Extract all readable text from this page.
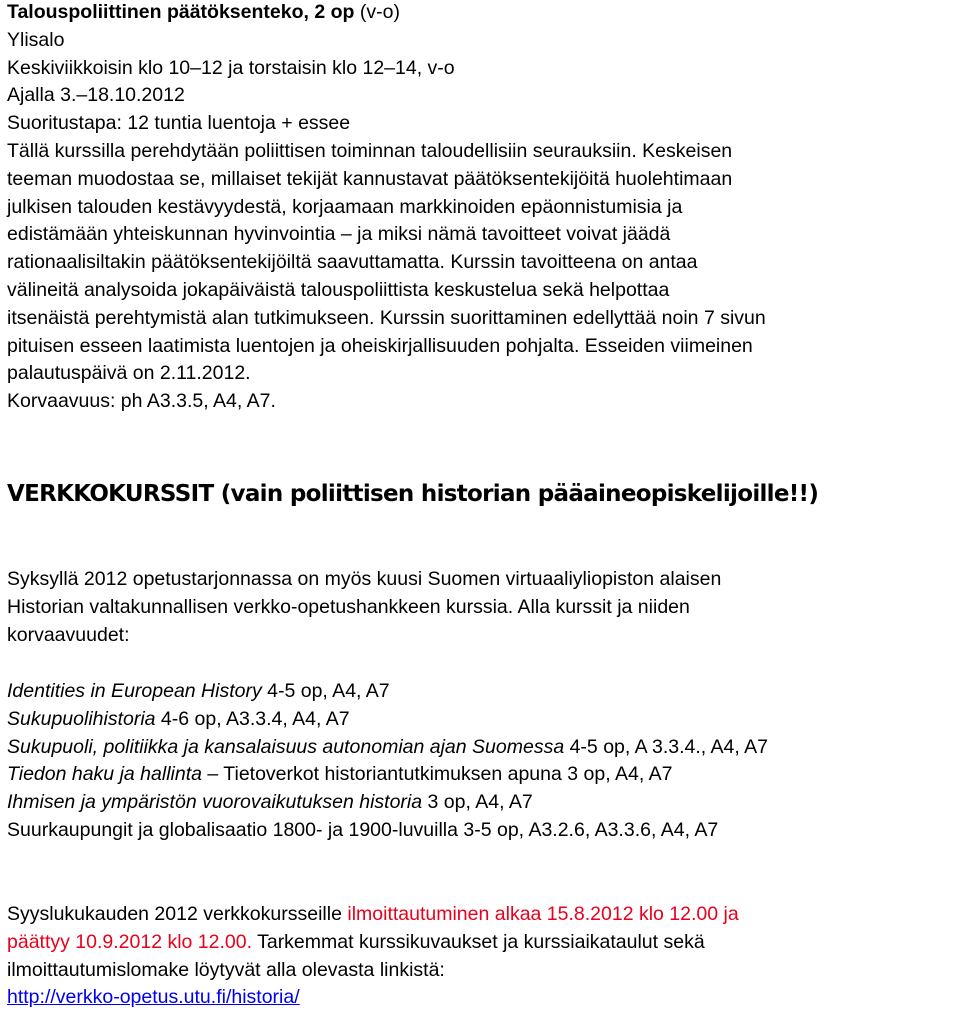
Talouspoliittinen päätöksenteko, 2 op (v-o)

Ylisalo

Keskiviikkoisin klo 10–12 ja torstaisin klo 12–14, v-o

Ajalla 3.–18.10.2012

Suoritustapa: 12 tuntia luentoja + essee

Tällä kurssilla perehdytään poliittisen toiminnan taloudellisiin seurauksiin. Keskeisen

teeman muodostaa se, millaiset tekijät kannustavat päätöksentekijöitä huolehtimaan

julkisen talouden kestävyydestä, korjaamaan markkinoiden epäonnistumisia ja

edistämään yhteiskunnan hyvinvointia – ja miksi nämä tavoitteet voivat jäädä

rationaalisiltakin päätöksentekijöiltä saavuttamatta. Kurssin tavoitteena on antaa

välineitä analysoida jokapäiväistä talouspoliittista keskustelua sekä helpottaa

itsenäistä perehtymistä alan tutkimukseen. Kurssin suorittaminen edellyttää noin 7 sivun

pituisen esseen laatimista luentojen ja oheiskirjallisuuden pohjalta. Esseiden viimeinen

palautuspäivä on 2.11.2012.

Korvaavuus: ph A3.3.5, A4, A7.

VERKKOKURSSIT (vain poliittisen historian pääaineopiskelijoille!!)

Syksyllä 2012 opetustarjonnassa on myös kuusi Suomen virtuaaliyliopiston alaisen

Historian valtakunnallisen verkko-opetushankkeen kurssia. Alla kurssit ja niiden

korvaavuudet:

Identities in European History 4-5 op, A4, A7

Sukupuolihistoria 4-6 op, A3.3.4, A4, A7

Sukupuoli, politiikka ja kansalaisuus autonomian ajan Suomessa 4-5 op, A 3.3.4., A4, A7

Tiedon haku ja hallinta – Tietoverkot historiantutkimuksen apuna 3 op, A4, A7

Ihmisen ja ympäristön vuorovaikutuksen historia 3 op, A4, A7

Suurkaupungit ja globalisaatio 1800- ja 1900-luvuilla 3-5 op, A3.2.6, A3.3.6, A4, A7

Syyslukukauden 2012 verkkokursseille ilmoittautuminen alkaa 15.8.2012 klo 12.00 ja

päättyy 10.9.2012 klo 12.00. Tarkemmat kurssikuvaukset ja kurssiaikataulut sekä

ilmoittautumislomake löytyvät alla olevasta linkistä:

http://verkko-opetus.utu.fi/historia/
